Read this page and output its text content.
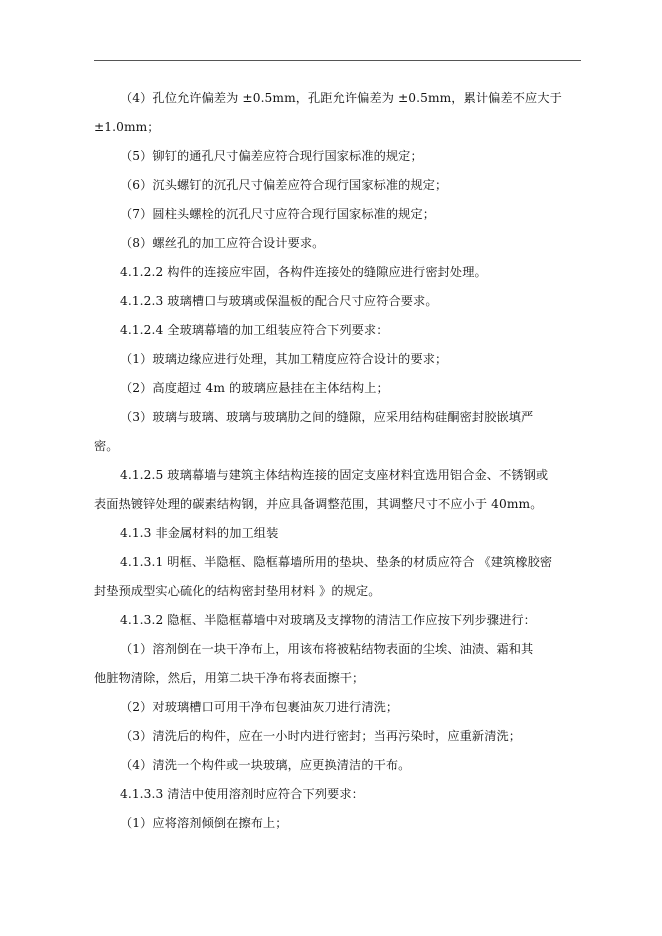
（4）孔位允许偏差为 ±0.5mm，孔距允许偏差为 ±0.5mm，累计偏差不应大于

±1.0mm；

（5）铆钉的通孔尺寸偏差应符合现行国家标准的规定；

（6）沉头螺钉的沉孔尺寸偏差应符合现行国家标准的规定；

（7）圆柱头螺栓的沉孔尺寸应符合现行国家标准的规定；

（8）螺丝孔的加工应符合设计要求。

4.1.2.2 构件的连接应牢固，各构件连接处的缝隙应进行密封处理。

4.1.2.3 玻璃槽口与玻璃或保温板的配合尺寸应符合要求。

4.1.2.4 全玻璃幕墙的加工组装应符合下列要求：

（1）玻璃边缘应进行处理，其加工精度应符合设计的要求；

（2）高度超过 4m 的玻璃应悬挂在主体结构上；

（3）玻璃与玻璃、玻璃与玻璃肋之间的缝隙，应采用结构硅酮密封胶嵌填严

密。

4.1.2.5 玻璃幕墙与建筑主体结构连接的固定支座材料宜选用铝合金、不锈钢或

表面热镀锌处理的碳素结构钢，并应具备调整范围，其调整尺寸不应小于 40mm。

4.1.3 非金属材料的加工组装

4.1.3.1 明框、半隐框、隐框幕墙所用的垫块、垫条的材质应符合 《建筑橡胶密

封垫预成型实心硫化的结构密封垫用材料 》的规定。

4.1.3.2 隐框、半隐框幕墙中对玻璃及支撑物的清洁工作应按下列步骤进行：

（1）溶剂倒在一块干净布上，用该布将被粘结物表面的尘埃、油渍、霜和其

他脏物清除，然后，用第二块干净布将表面擦干；

（2）对玻璃槽口可用干净布包裹油灰刀进行清洗；

（3）清洗后的构件，应在一小时内进行密封；当再污染时，应重新清洗；

（4）清洗一个构件或一块玻璃，应更换清洁的干布。

4.1.3.3 清洁中使用溶剂时应符合下列要求：

（1）应将溶剂倾倒在擦布上；
